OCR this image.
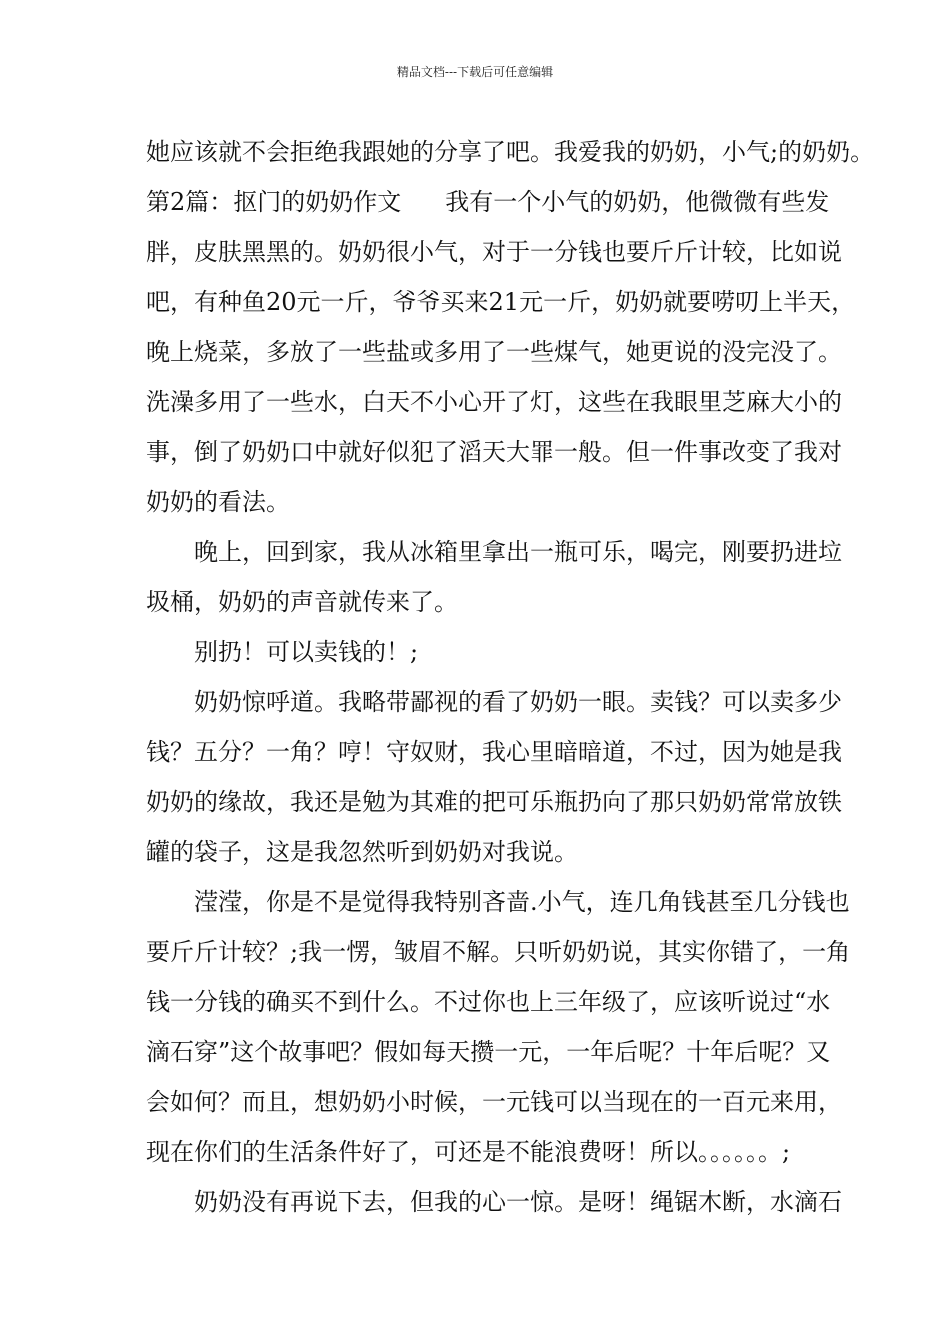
精品文档---下载后可任意编辑
她应该就不会拒绝我跟她的分享了吧。我爱我的奶奶，小气;的奶奶。
第2篇：抠门的奶奶作文 我有一个小气的奶奶，他微微有些发
胖，皮肤黑黑的。奶奶很小气，对于一分钱也要斤斤计较，比如说
吧，有种鱼20元一斤，爷爷买来21元一斤，奶奶就要唠叨上半天，
晚上烧菜，多放了一些盐或多用了一些煤气，她更说的没完没了。
洗澡多用了一些水，白天不小心开了灯，这些在我眼里芝麻大小的
事，倒了奶奶口中就好似犯了滔天大罪一般。但一件事改变了我对
奶奶的看法。
晚上，回到家，我从冰箱里拿出一瓶可乐，喝完，刚要扔进垃
圾桶，奶奶的声音就传来了。
别扔！可以卖钱的！;
奶奶惊呼道。我略带鄙视的看了奶奶一眼。卖钱？可以卖多少
钱？五分？一角？哼！守奴财，我心里暗暗道，不过，因为她是我
奶奶的缘故，我还是勉为其难的把可乐瓶扔向了那只奶奶常常放铁
罐的袋子，这是我忽然听到奶奶对我说。
滢滢，你是不是觉得我特别吝啬.小气，连几角钱甚至几分钱也
要斤斤计较？;我一愣，皱眉不解。只听奶奶说，其实你错了，一角
钱一分钱的确买不到什么。不过你也上三年级了，应该听说过“水
滴石穿”这个故事吧？假如每天攒一元，一年后呢？十年后呢？又
会如何？而且，想奶奶小时候，一元钱可以当现在的一百元来用，
现在你们的生活条件好了，可还是不能浪费呀！所以。。。。。。;
奶奶没有再说下去，但我的心一惊。是呀！绳锯木断，水滴石
